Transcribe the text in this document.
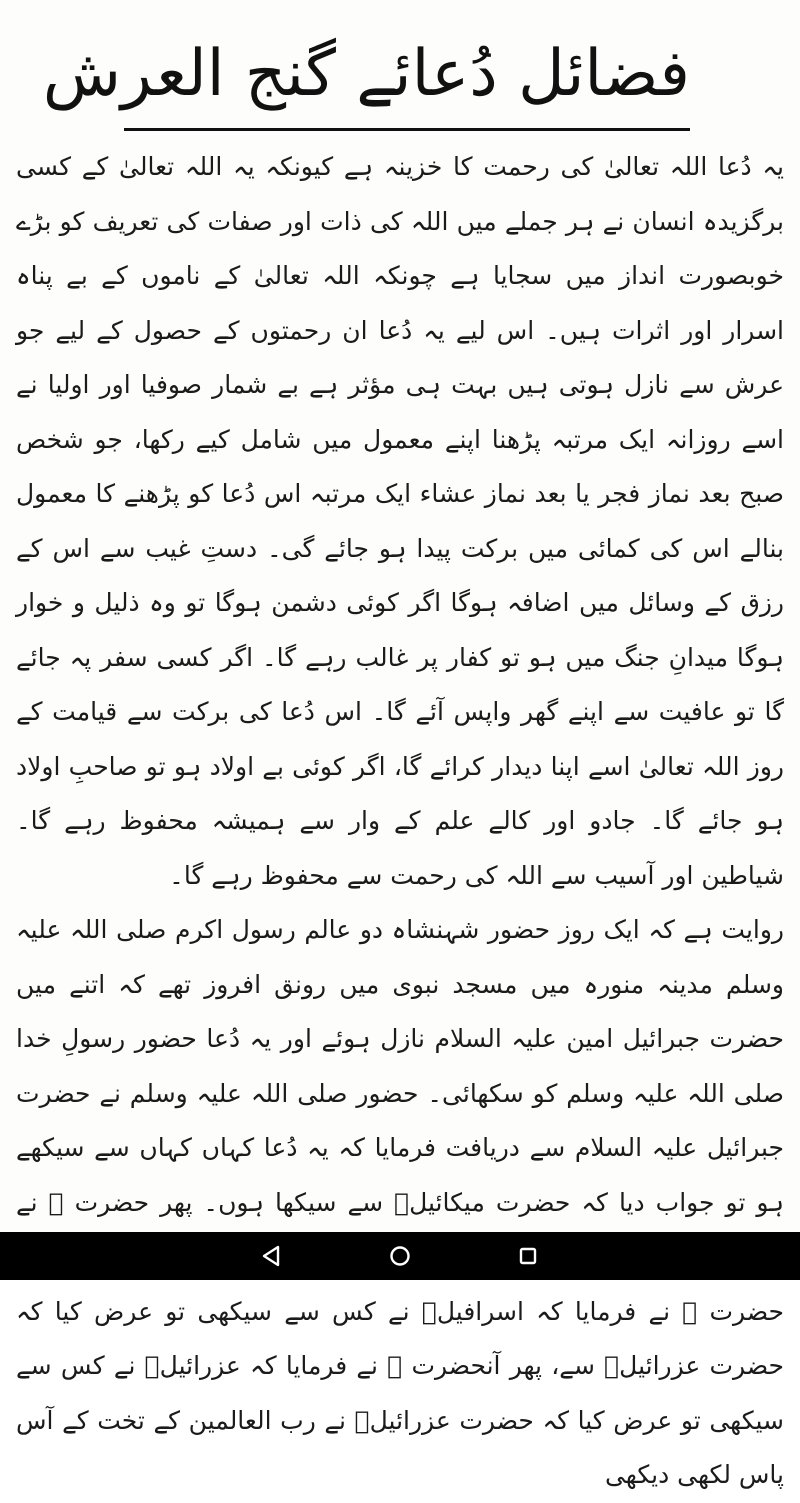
فضائل دُعائے گنج العرش

یہ دُعا اللہ تعالیٰ کی رحمت کا خزینہ ہے کیونکہ یہ اللہ تعالیٰ کے کسی برگزیدہ انسان نے ہر جملے میں اللہ کی ذات اور صفات کی تعریف کو بڑے خوبصورت انداز میں سجایا ہے چونکہ اللہ تعالیٰ کے ناموں کے بے پناہ اسرار اور اثرات ہیں۔ اس لیے یہ دُعا ان رحمتوں کے حصول کے لیے جو عرش سے نازل ہوتی ہیں بہت ہی مؤثر ہے بے شمار صوفیا اور اولیا نے اسے روزانہ ایک مرتبہ پڑھنا اپنے معمول میں شامل کیے رکھا، جو شخص صبح بعد نماز فجر یا بعد نماز عشاء ایک مرتبہ اس دُعا کو پڑھنے کا معمول بنالے اس کی کمائی میں برکت پیدا ہو جائے گی۔ دستِ غیب سے اس کے رزق کے وسائل میں اضافہ ہوگا اگر کوئی دشمن ہوگا تو وہ ذلیل و خوار ہوگا میدانِ جنگ میں ہو تو کفار پر غالب رہے گا۔ اگر کسی سفر پہ جائے گا تو عافیت سے اپنے گھر واپس آئے گا۔ اس دُعا کی برکت سے قیامت کے روز اللہ تعالیٰ اسے اپنا دیدار کرائے گا، اگر کوئی بے اولاد ہو تو صاحبِ اولاد ہو جائے گا۔ جادو اور کالے علم کے وار سے ہمیشہ محفوظ رہے گا۔ شیاطین اور آسیب سے اللہ کی رحمت سے محفوظ رہے گا۔

روایت ہے کہ ایک روز حضور شہنشاہ دو عالم رسول اکرم صلی اللہ علیہ وسلم مدینہ منورہ میں مسجد نبوی میں رونق افروز تھے کہ اتنے میں حضرت جبرائیل امین علیہ السلام نازل ہوئے اور یہ دُعا حضور رسولِ خدا صلی اللہ علیہ وسلم کو سکھائی۔ حضور صلی اللہ علیہ وسلم نے حضرت جبرائیل علیہ السلام سے دریافت فرمایا کہ یہ دُعا کہاں کہاں سے سیکھے ہو تو جواب دیا کہ حضرت میکائیلؑ سے سیکھا ہوں۔ پھر حضرت ﷺ نے حضرت ﷺ نے فرمایا کہ اسرافیلؑ نے کس سے سیکھی تو عرض کیا کہ حضرت عزرائیلؑ سے، پھر آنحضرت ﷺ نے فرمایا کہ عزرائیلؑ نے کس سے سیکھی تو عرض کیا کہ حضرت عزرائیلؑ نے رب العالمین کے تخت کے آس پاس لکھی دیکھی
